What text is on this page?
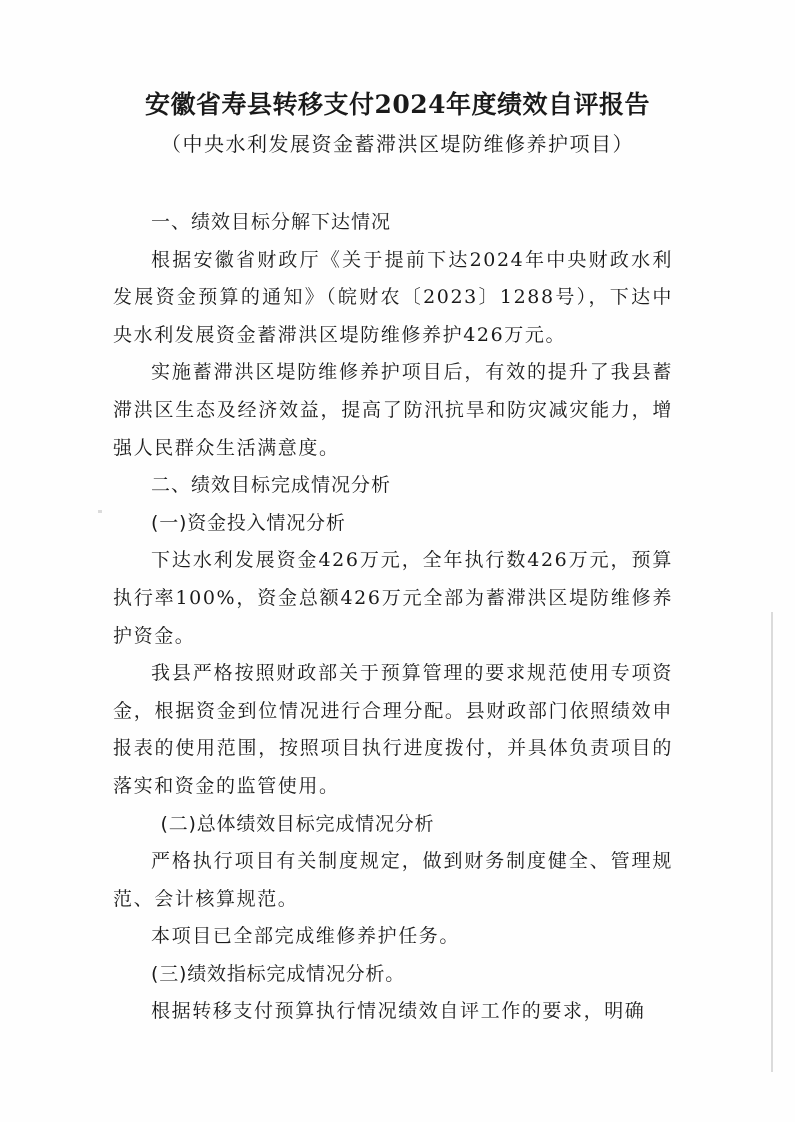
安徽省寿县转移支付2024年度绩效自评报告
（中央水利发展资金蓄滞洪区堤防维修养护项目）

一、绩效目标分解下达情况

根据安徽省财政厅《关于提前下达2024年中央财政水利发展资金预算的通知》（皖财农〔2023〕1288号），下达中央水利发展资金蓄滞洪区堤防维修养护426万元。

实施蓄滞洪区堤防维修养护项目后，有效的提升了我县蓄滞洪区生态及经济效益，提高了防汛抗旱和防灾减灾能力，增强人民群众生活满意度。

二、绩效目标完成情况分析

(一)资金投入情况分析

下达水利发展资金426万元，全年执行数426万元，预算执行率100%，资金总额426万元全部为蓄滞洪区堤防维修养护资金。

我县严格按照财政部关于预算管理的要求规范使用专项资金，根据资金到位情况进行合理分配。县财政部门依照绩效申报表的使用范围，按照项目执行进度拨付，并具体负责项目的落实和资金的监管使用。

(二)总体绩效目标完成情况分析

严格执行项目有关制度规定，做到财务制度健全、管理规范、会计核算规范。

本项目已全部完成维修养护任务。

(三)绩效指标完成情况分析。

根据转移支付预算执行情况绩效自评工作的要求，明确
